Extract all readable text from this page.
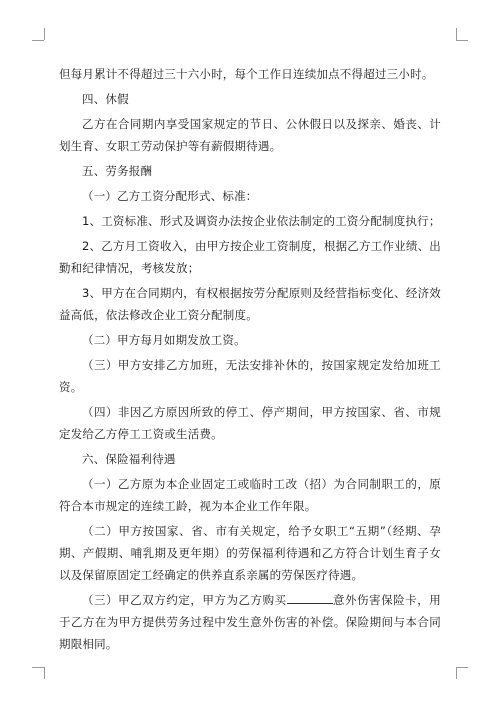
但每月累计不得超过三十六小时，每个工作日连续加点不得超过三小时。

四、休假

乙方在合同期内享受国家规定的节日、公休假日以及探亲、婚丧、计划生育、女职工劳动保护等有薪假期待遇。

五、劳务报酬

（一）乙方工资分配形式、标准：

1、工资标准、形式及调资办法按企业依法制定的工资分配制度执行；

2、乙方月工资收入，由甲方按企业工资制度，根据乙方工作业绩、出勤和纪律情况，考核发放；

3、甲方在合同期内，有权根据按劳分配原则及经营指标变化、经济效益高低，依法修改企业工资分配制度。

（二）甲方每月如期发放工资。

（三）甲方安排乙方加班，无法安排补休的，按国家规定发给加班工资。

（四）非因乙方原因所致的停工、停产期间，甲方按国家、省、市规定发给乙方停工工资或生活费。

六、保险福利待遇

（一）乙方原为本企业固定工或临时工改（招）为合同制职工的，原符合本市规定的连续工龄，视为本企业工作年限。

（二）甲方按国家、省、市有关规定，给予女职工“五期”（经期、孕期、产假期、哺乳期及更年期）的劳保福利待遇和乙方符合计划生育子女以及保留原固定工经确定的供养直系亲属的劳保医疗待遇。

（三）甲乙双方约定，甲方为乙方购买	意外伤害保险卡，用于乙方在为甲方提供劳务过程中发生意外伤害的补偿。保险期间与本合同期限相同。
